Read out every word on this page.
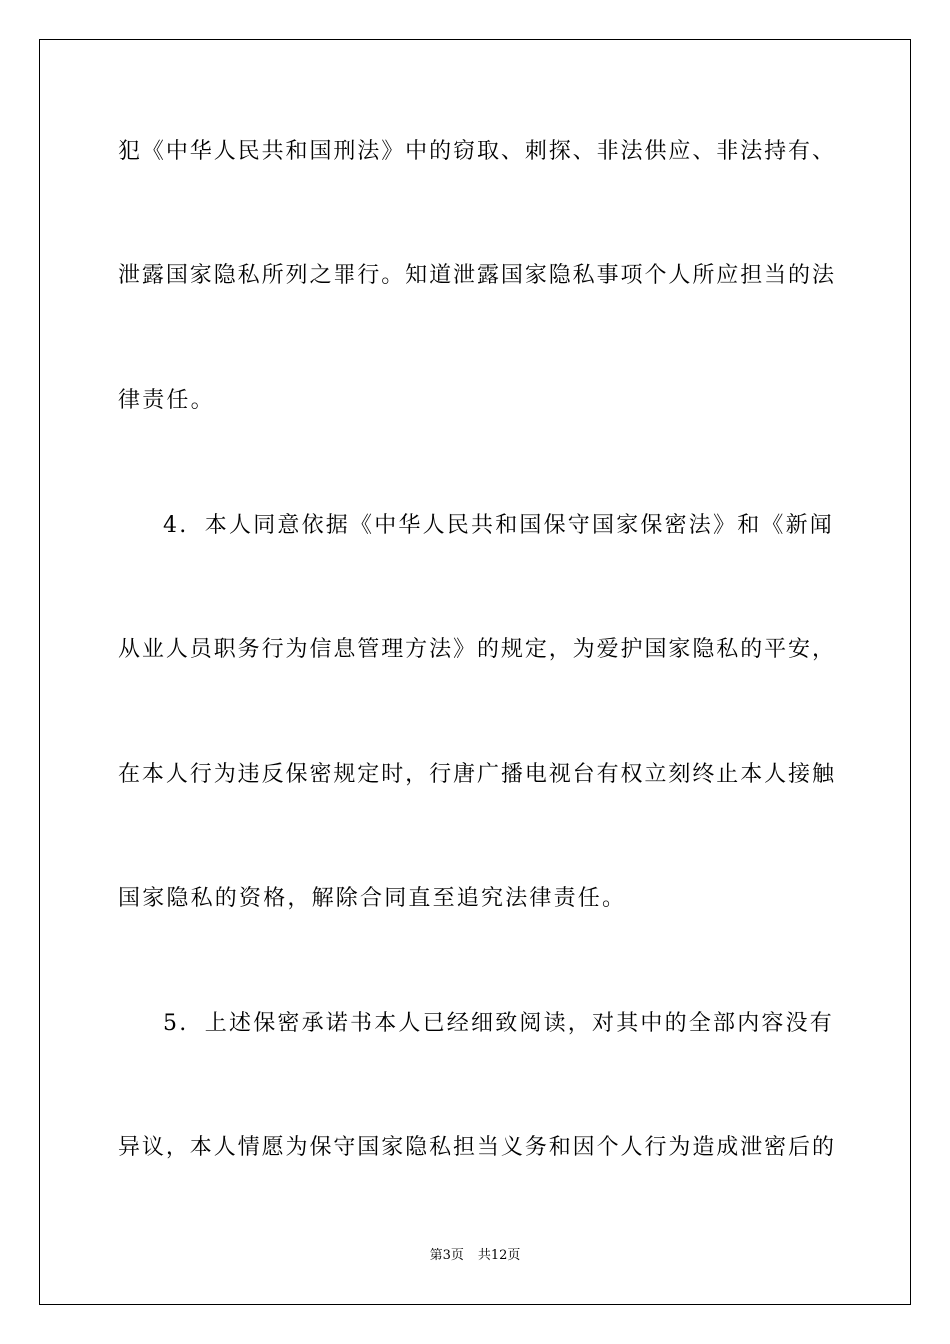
犯《中华人民共和国刑法》中的窃取、刺探、非法供应、非法持有、
泄露国家隐私所列之罪行。知道泄露国家隐私事项个人所应担当的法
律责任。
4. 本人同意依据《中华人民共和国保守国家保密法》和《新闻
从业人员职务行为信息管理方法》的规定，为爱护国家隐私的平安，
在本人行为违反保密规定时，行唐广播电视台有权立刻终止本人接触
国家隐私的资格，解除合同直至追究法律责任。
5. 上述保密承诺书本人已经细致阅读，对其中的全部内容没有
异议，本人情愿为保守国家隐私担当义务和因个人行为造成泄密后的
第3页 共12页
